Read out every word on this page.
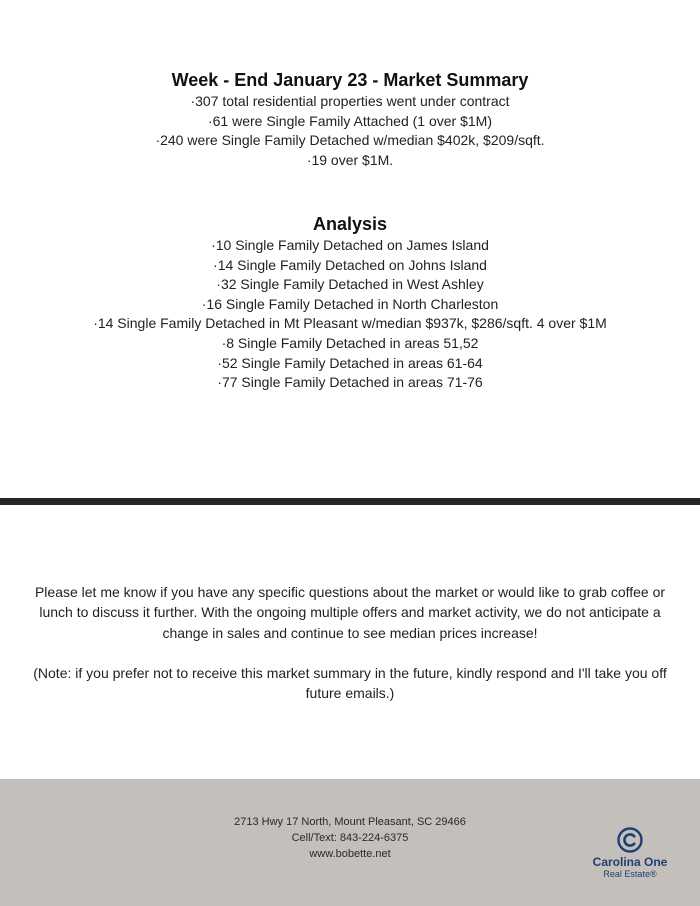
Week - End January 23 - Market Summary

·307 total residential properties went under contract

·61 were Single Family Attached (1 over $1M)

·240 were Single Family Detached w/median $402k, $209/sqft.

·19 over $1M.

Analysis

·10 Single Family Detached on James Island

·14 Single Family Detached on Johns Island

·32 Single Family Detached in West Ashley

·16 Single Family Detached in North Charleston

·14 Single Family Detached in Mt Pleasant w/median $937k, $286/sqft. 4 over $1M

·8 Single Family Detached in areas 51,52

·52 Single Family Detached in areas 61-64

·77 Single Family Detached in areas 71-76

Please let me know if you have any specific questions about the market or would like to grab coffee or lunch to discuss it further. With the ongoing multiple offers and market activity, we do not anticipate a change in sales and continue to see median prices increase!

(Note: if you prefer not to receive this market summary in the future, kindly respond and I'll take you off future emails.)

2713 Hwy 17 North, Mount Pleasant, SC 29466
Cell/Text: 843-224-6375
www.bobette.net
Carolina One
Real Estate®
